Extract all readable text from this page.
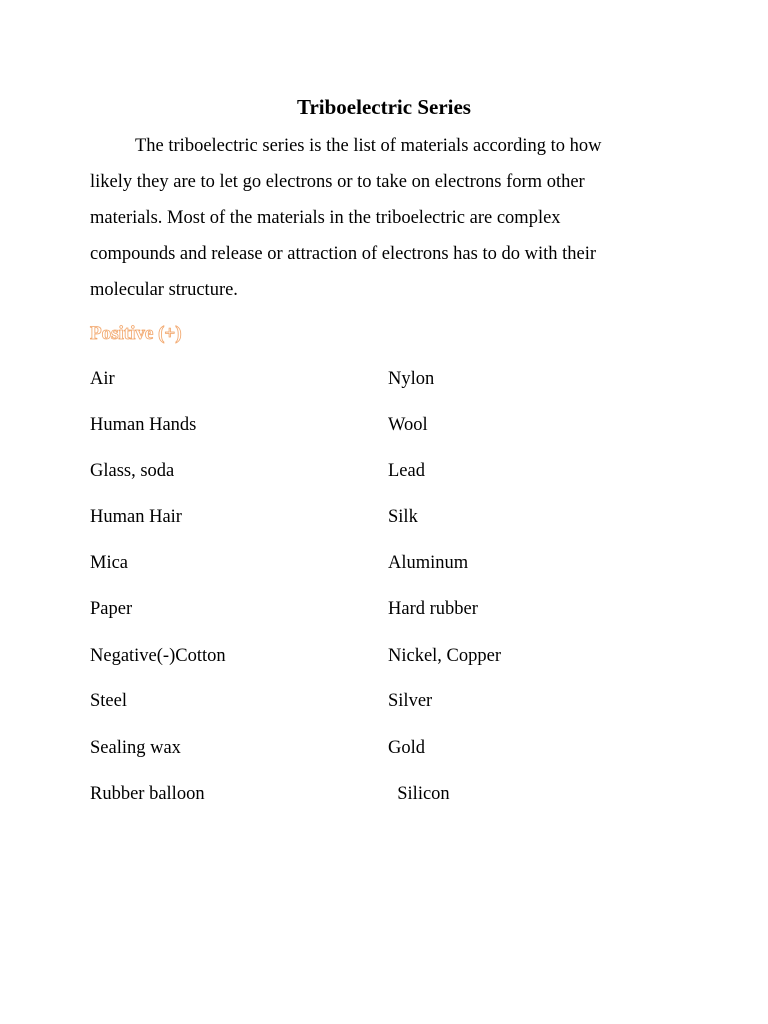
Triboelectric Series
The triboelectric series is the list of materials according to how
likely they are to let go electrons or to take on electrons form other
materials. Most of the materials in the triboelectric are complex
compounds and release or attraction of electrons has to do with their
molecular structure.
Positive (+)
Air	Nylon
Human Hands	Wool
Glass, soda	Lead
Human Hair	Silk
Mica	Aluminum
Paper	Hard rubber
Negative(-)Cotton	Nickel, Copper
Steel	Silver
Sealing wax	Gold
Rubber balloon	Silicon
